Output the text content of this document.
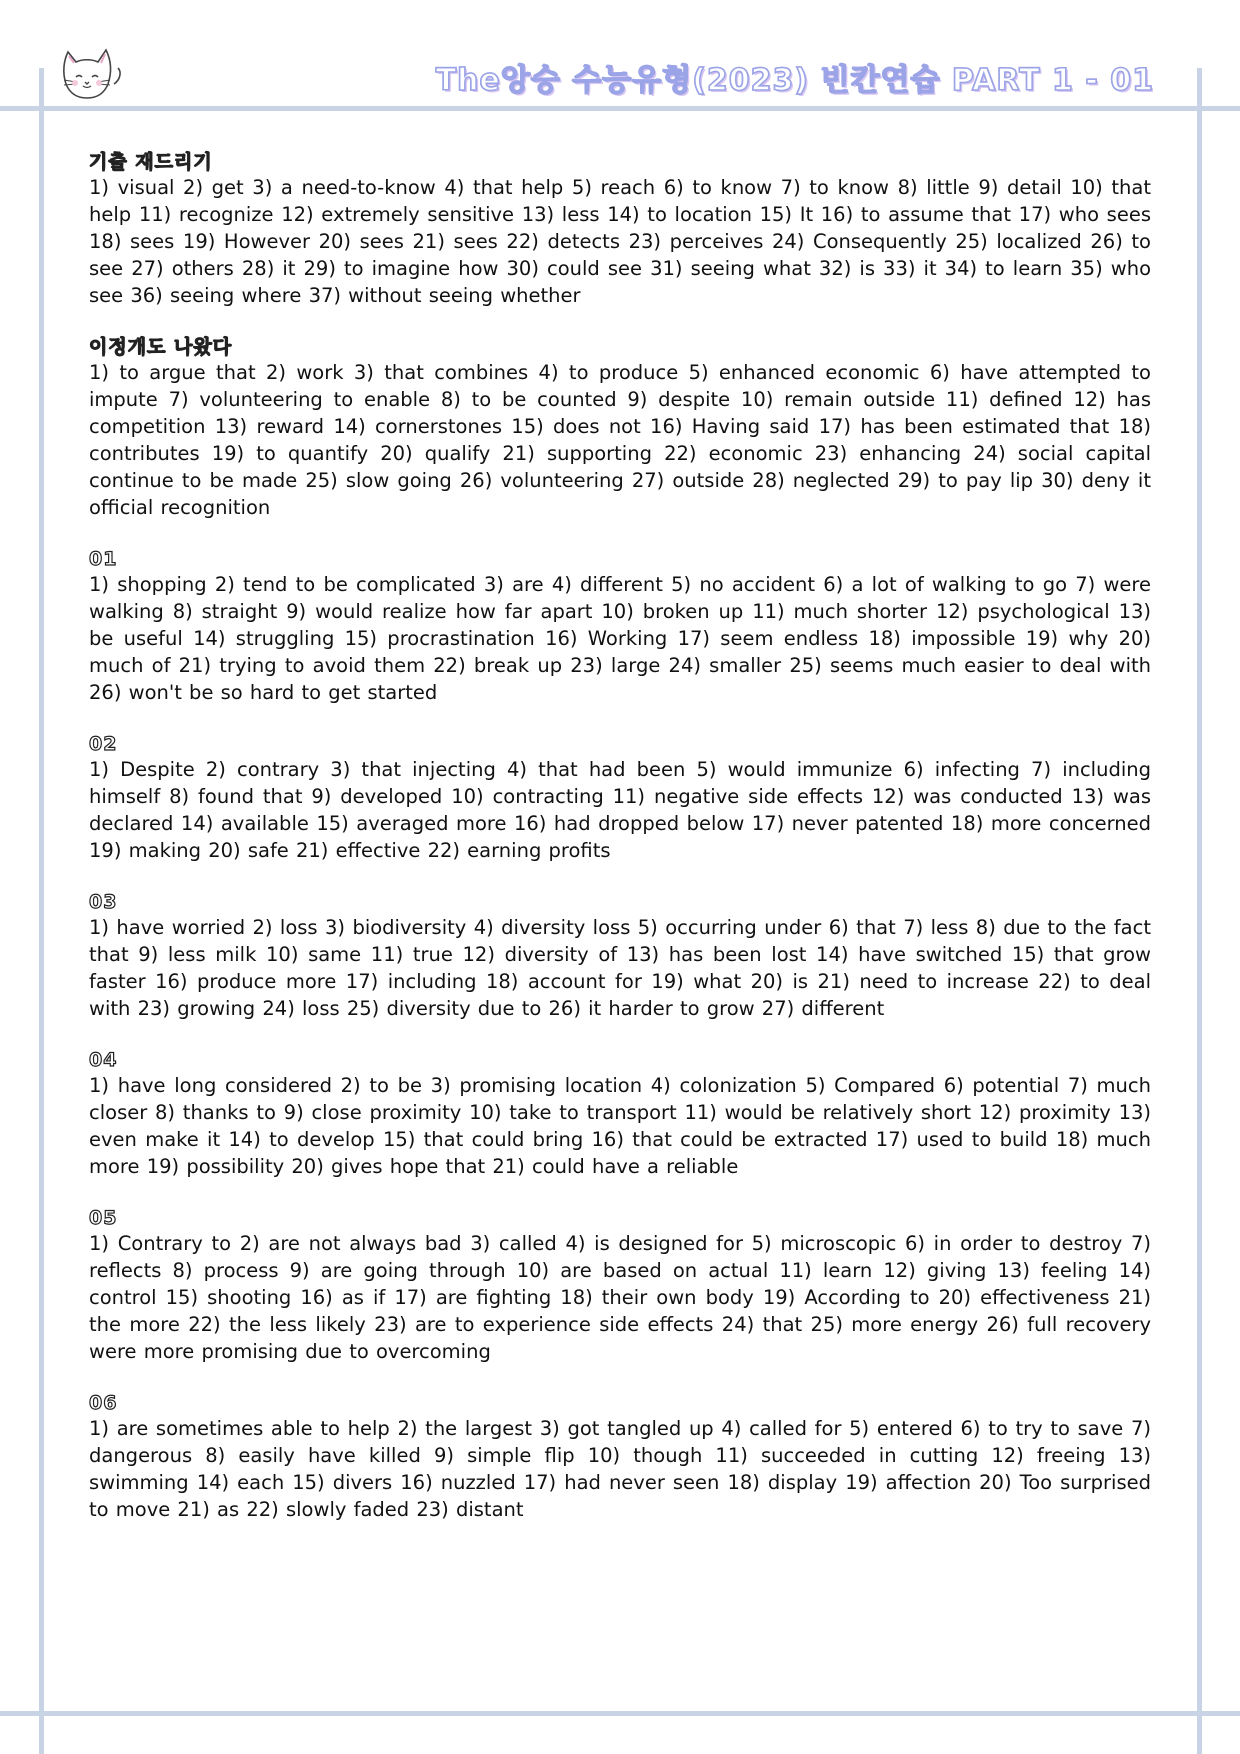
The앙승 수능유형(2023) 빈칸연습 PART 1 - 01
기출 재드리기

1) visual 2) get 3) a need-to-know 4) that help 5) reach 6) to know 7) to know 8) little 9) detail 10) that help 11) recognize 12) extremely sensitive 13) less 14) to location 15) It 16) to assume that 17) who sees 18) sees 19) However 20) sees 21) sees 22) detects 23) perceives 24) Consequently 25) localized 26) to see 27) others 28) it 29) to imagine how 30) could see 31) seeing what 32) is 33) it 34) to learn 35) who see 36) seeing where 37) without seeing whether

이정개도 나왔다

1) to argue that 2) work 3) that combines 4) to produce 5) enhanced economic 6) have attempted to impute 7) volunteering to enable 8) to be counted 9) despite 10) remain outside 11) defined 12) has competition 13) reward 14) cornerstones 15) does not 16) Having said 17) has been estimated that 18) contributes 19) to quantify 20) qualify 21) supporting 22) economic 23) enhancing 24) social capital continue to be made 25) slow going 26) volunteering 27) outside 28) neglected 29) to pay lip 30) deny it official recognition

01

1) shopping 2) tend to be complicated 3) are 4) different 5) no accident 6) a lot of walking to go 7) were walking 8) straight 9) would realize how far apart 10) broken up 11) much shorter 12) psychological 13) be useful 14) struggling 15) procrastination 16) Working 17) seem endless 18) impossible 19) why 20) much of 21) trying to avoid them 22) break up 23) large 24) smaller 25) seems much easier to deal with 26) won't be so hard to get started

02

1) Despite 2) contrary 3) that injecting 4) that had been 5) would immunize 6) infecting 7) including himself 8) found that 9) developed 10) contracting 11) negative side effects 12) was conducted 13) was declared 14) available 15) averaged more 16) had dropped below 17) never patented 18) more concerned 19) making 20) safe 21) effective 22) earning profits

03

1) have worried 2) loss 3) biodiversity 4) diversity loss 5) occurring under 6) that 7) less 8) due to the fact that 9) less milk 10) same 11) true 12) diversity of 13) has been lost 14) have switched 15) that grow faster 16) produce more 17) including 18) account for 19) what 20) is 21) need to increase 22) to deal with 23) growing 24) loss 25) diversity due to 26) it harder to grow 27) different

04

1) have long considered 2) to be 3) promising location 4) colonization 5) Compared 6) potential 7) much closer 8) thanks to 9) close proximity 10) take to transport 11) would be relatively short 12) proximity 13) even make it 14) to develop 15) that could bring 16) that could be extracted 17) used to build 18) much more 19) possibility 20) gives hope that 21) could have a reliable

05

1) Contrary to 2) are not always bad 3) called 4) is designed for 5) microscopic 6) in order to destroy 7) reflects 8) process 9) are going through 10) are based on actual 11) learn 12) giving 13) feeling 14) control 15) shooting 16) as if 17) are fighting 18) their own body 19) According to 20) effectiveness 21) the more 22) the less likely 23) are to experience side effects 24) that 25) more energy 26) full recovery were more promising due to overcoming

06

1) are sometimes able to help 2) the largest 3) got tangled up 4) called for 5) entered 6) to try to save 7) dangerous 8) easily have killed 9) simple flip 10) though 11) succeeded in cutting 12) freeing 13) swimming 14) each 15) divers 16) nuzzled 17) had never seen 18) display 19) affection 20) Too surprised to move 21) as 22) slowly faded 23) distant
